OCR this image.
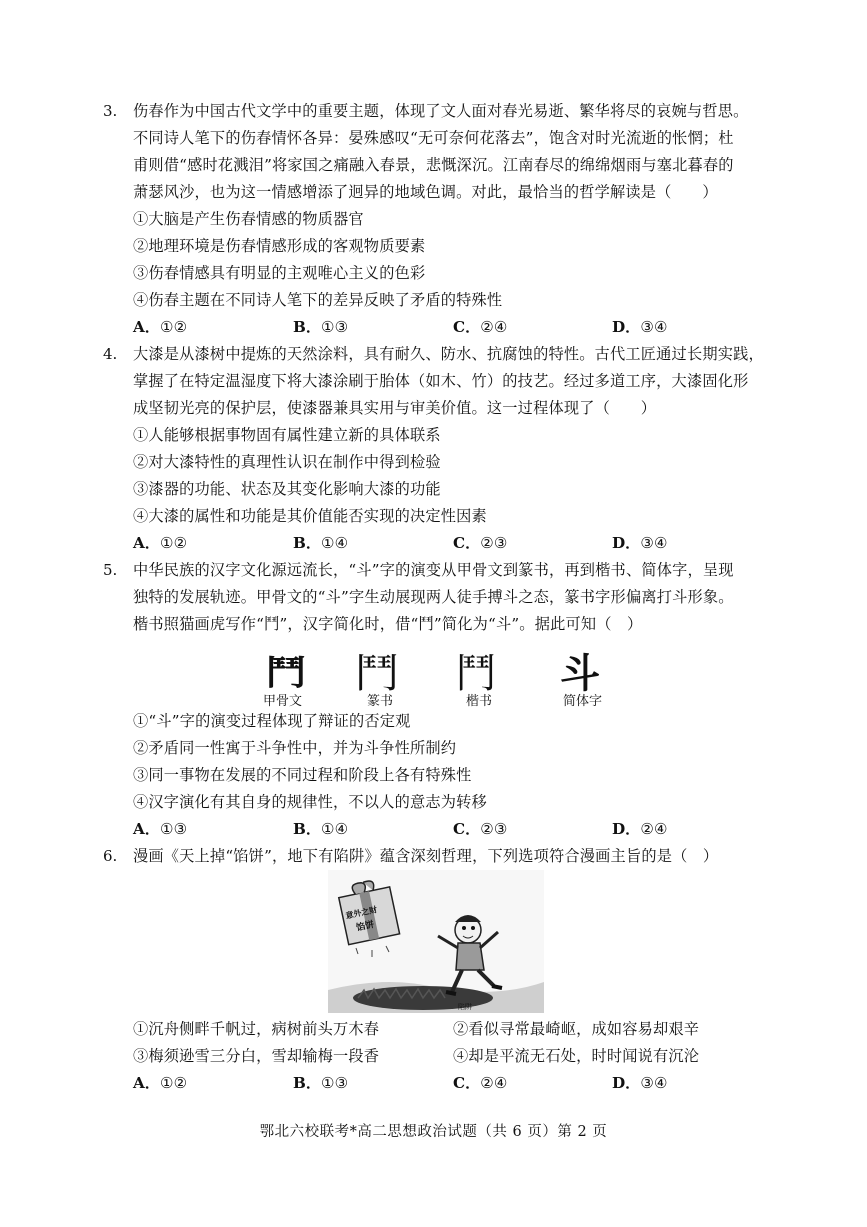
3. 伤春作为中国古代文学中的重要主题，体现了文人面对春光易逝、繁华将尽的哀婉与哲思。
不同诗人笔下的伤春情怀各异：晏殊感叹“无可奈何花落去”，饱含对时光流逝的怅惘；杜
甫则借“感时花溅泪”将家国之痛融入春景，悲慨深沉。江南春尽的绵绵烟雨与塞北暮春的
萧瑟风沙，也为这一情感增添了迥异的地域色调。对此，最恰当的哲学解读是（　　）
①大脑是产生伤春情感的物质器官
②地理环境是伤春情感形成的客观物质要素
③伤春情感具有明显的主观唯心主义的色彩
④伤春主题在不同诗人笔下的差异反映了矛盾的特殊性
A．①②	B．①③	C．②④	D．③④
4. 大漆是从漆树中提炼的天然涂料，具有耐久、防水、抗腐蚀的特性。古代工匠通过长期实践，
掌握了在特定温湿度下将大漆涂刷于胎体（如木、竹）的技艺。经过多道工序，大漆固化形
成坚韧光亮的保护层，使漆器兼具实用与审美价值。这一过程体现了（　　）
①人能够根据事物固有属性建立新的具体联系
②对大漆特性的真理性认识在制作中得到检验
③漆器的功能、状态及其变化影响大漆的功能
④大漆的属性和功能是其价值能否实现的决定性因素
A．①②	B．①④	C．②③	D．③④
5. 中华民族的汉字文化源远流长，“斗”字的演变从甲骨文到篆书，再到楷书、简体字，呈现
独特的发展轨迹。甲骨文的“斗”字生动展现两人徒手搏斗之态，篆书字形偏离打斗形象。
楷书照猫画虎写作“鬥”，汉字简化时，借“鬥”简化为“斗”。据此可知（　）
鬥 鬥 鬥 斗
甲骨文	篆书	楷书	简体字
①“斗”字的演变过程体现了辩证的否定观
②矛盾同一性寓于斗争性中，并为斗争性所制约
③同一事物在发展的不同过程和阶段上各有特殊性
④汉字演化有其自身的规律性，不以人的意志为转移
A．①③	B．①④	C．②③	D．②④
6. 漫画《天上掉“馅饼”，地下有陷阱》蕴含深刻哲理，下列选项符合漫画主旨的是（　）
陷阱
意外之财
馅饼
①沉舟侧畔千帆过，病树前头万木春	②看似寻常最崎岖，成如容易却艰辛
③梅须逊雪三分白，雪却输梅一段香	④却是平流无石处，时时闻说有沉沦
A．①②	B．①③	C．②④	D．③④
鄂北六校联考*高二思想政治试题（共 6 页）第 2 页
